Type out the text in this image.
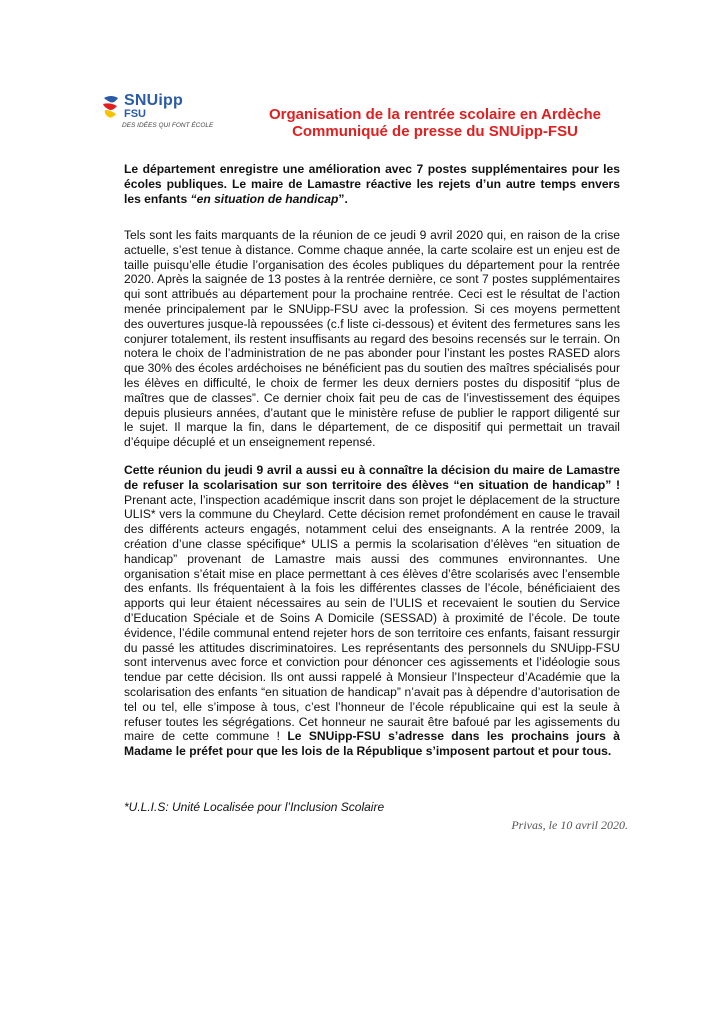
SNUipp
FSU
DES IDÉES QUI FONT ÉCOLE
Organisation de la rentrée scolaire en Ardèche
Communiqué de presse du SNUipp-FSU
Le département enregistre une amélioration avec 7 postes supplémentaires pour les écoles publiques. Le maire de Lamastre réactive les rejets d’un autre temps envers les enfants “en situation de handicap”.
Tels sont les faits marquants de la réunion de ce jeudi 9 avril 2020 qui, en raison de la crise actuelle, s’est tenue à distance. Comme chaque année, la carte scolaire est un enjeu est de taille puisqu’elle étudie l’organisation des écoles publiques du département pour la rentrée 2020. Après la saignée de 13 postes à la rentrée dernière, ce sont 7 postes supplémentaires qui sont attribués au département pour la prochaine rentrée. Ceci est le résultat de l’action menée principalement par le SNUipp-FSU avec la profession. Si ces moyens permettent des ouvertures jusque-là repoussées (c.f liste ci-dessous) et évitent des fermetures sans les conjurer totalement, ils restent insuffisants au regard des besoins recensés sur le terrain. On notera le choix de l’administration de ne pas abonder pour l’instant les postes RASED alors que 30% des écoles ardéchoises ne bénéficient pas du soutien des maîtres spécialisés pour les élèves en difficulté, le choix de fermer les deux derniers postes du dispositif “plus de maîtres que de classes”. Ce dernier choix fait peu de cas de l’investissement des équipes depuis plusieurs années, d’autant que le ministère refuse de publier le rapport diligenté sur le sujet. Il marque la fin, dans le département, de ce dispositif qui permettait un travail d’équipe décuplé et un enseignement repensé.
Cette réunion du jeudi 9 avril a aussi eu à connaître la décision du maire de Lamastre de refuser la scolarisation sur son territoire des élèves “en situation de handicap” ! Prenant acte, l’inspection académique inscrit dans son projet le déplacement de la structure ULIS* vers la commune du Cheylard. Cette décision remet profondément en cause le travail des différents acteurs engagés, notamment celui des enseignants. A la rentrée 2009, la création d’une classe spécifique* ULIS a permis la scolarisation d’élèves “en situation de handicap” provenant de Lamastre mais aussi des communes environnantes. Une organisation s’était mise en place permettant à ces élèves d’être scolarisés avec l’ensemble des enfants. Ils fréquentaient à la fois les différentes classes de l’école, bénéficiaient des apports qui leur étaient nécessaires au sein de l’ULIS et recevaient le soutien du Service d’Education Spéciale et de Soins A Domicile (SESSAD) à proximité de l’école. De toute évidence, l’édile communal entend rejeter hors de son territoire ces enfants, faisant ressurgir du passé les attitudes discriminatoires. Les représentants des personnels du SNUipp-FSU sont intervenus avec force et conviction pour dénoncer ces agissements et l’idéologie sous tendue par cette décision. Ils ont aussi rappelé à Monsieur l’Inspecteur d’Académie que la scolarisation des enfants “en situation de handicap” n’avait pas à dépendre d’autorisation de tel ou tel, elle s’impose à tous, c’est l’honneur de l’école républicaine qui est la seule à refuser toutes les ségrégations. Cet honneur ne saurait être bafoué par les agissements du maire de cette commune ! Le SNUipp-FSU s’adresse dans les prochains jours à Madame le préfet pour que les lois de la République s’imposent partout et pour tous.
*U.L.I.S: Unité Localisée pour l’Inclusion Scolaire
Privas, le 10 avril 2020.
